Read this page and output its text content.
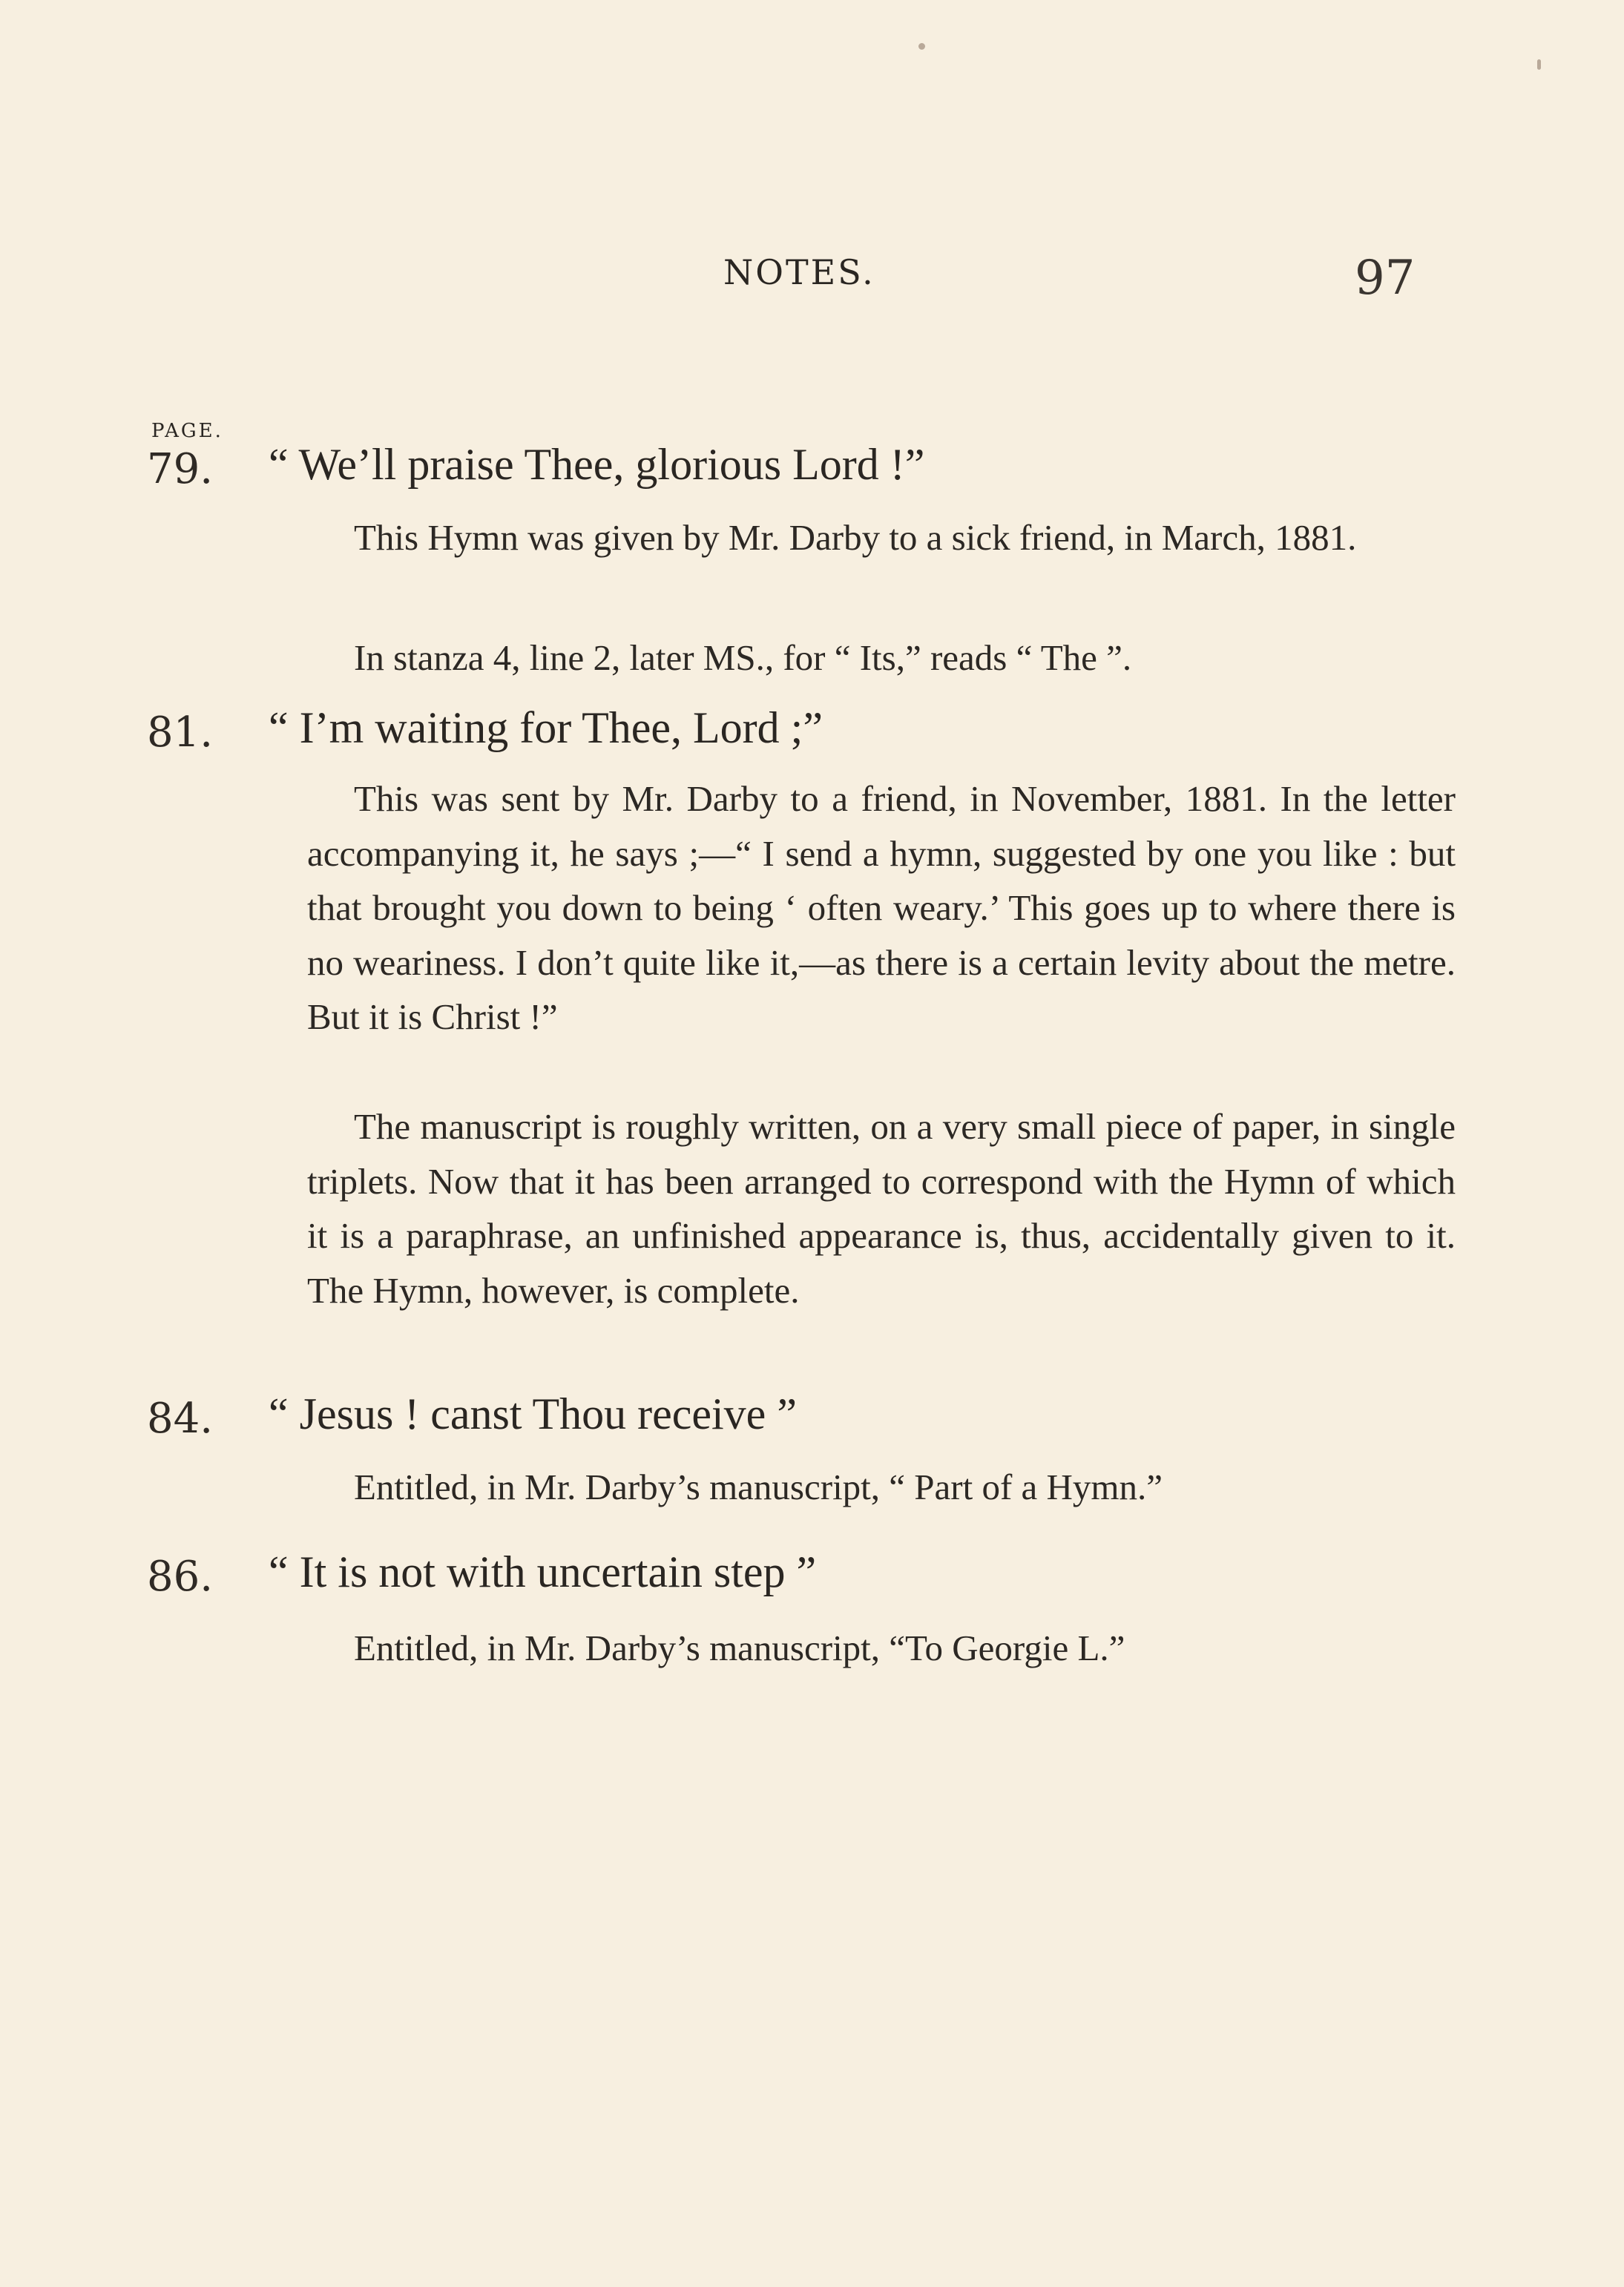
NOTES.	97
PAGE.
79. “ We’ll praise Thee, glorious Lord !”
This Hymn was given by Mr. Darby to a sick friend, in March, 1881.
In stanza 4, line 2, later MS., for “ Its,” reads “ The ”.
81. “ I’m waiting for Thee, Lord ;”
This was sent by Mr. Darby to a friend, in November, 1881. In the letter accompanying it, he says ;—“ I send a hymn, suggested by one you like : but that brought you down to being ‘ often weary.’ This goes up to where there is no weariness. I don’t quite like it,—as there is a certain levity about the metre. But it is Christ !”
The manuscript is roughly written, on a very small piece of paper, in single triplets. Now that it has been arranged to correspond with the Hymn of which it is a paraphrase, an unfinished appearance is, thus, accidentally given to it. The Hymn, however, is complete.
84. “ Jesus ! canst Thou receive ”
Entitled, in Mr. Darby’s manuscript, “ Part of a Hymn.”
86. “ It is not with uncertain step ”
Entitled, in Mr. Darby’s manuscript, “To Georgie L.”
